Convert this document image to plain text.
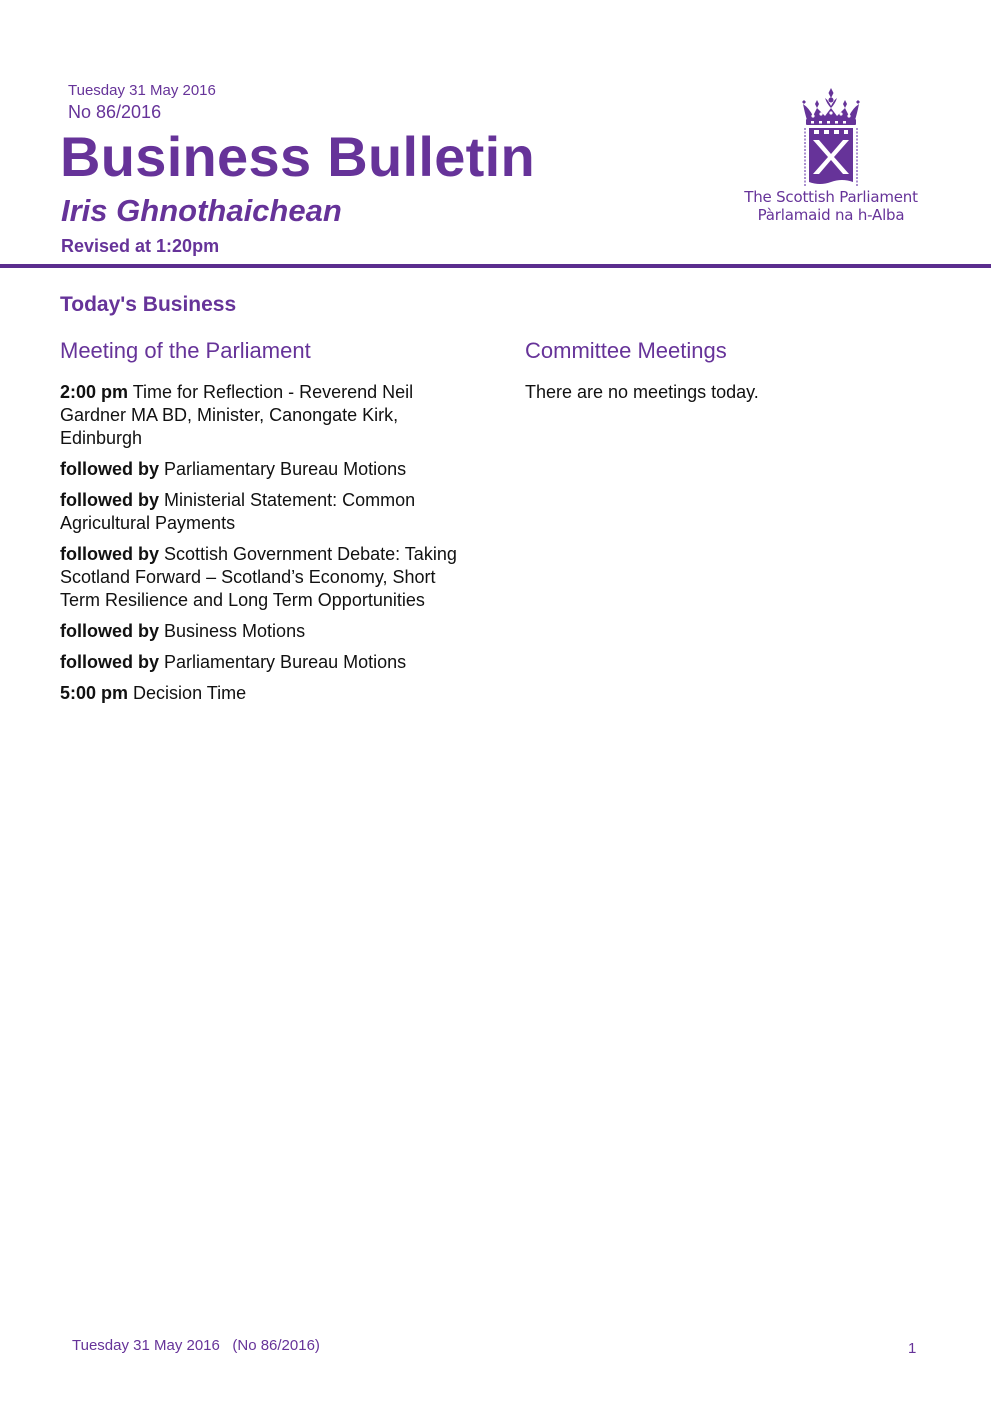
Tuesday 31 May 2016
No 86/2016
Business Bulletin
Iris Ghnothaichean
Revised at 1:20pm
The Scottish Parliament
Pàrlamaid na h-Alba
Today's Business
Meeting of the Parliament
2:00 pm Time for Reflection - Reverend Neil Gardner MA BD, Minister, Canongate Kirk, Edinburgh
followed by Parliamentary Bureau Motions
followed by Ministerial Statement: Common Agricultural Payments
followed by Scottish Government Debate: Taking Scotland Forward – Scotland’s Economy, Short Term Resilience and Long Term Opportunities
followed by Business Motions
followed by Parliamentary Bureau Motions
5:00 pm Decision Time
Committee Meetings
There are no meetings today.
Tuesday 31 May 2016   (No 86/2016)	1
